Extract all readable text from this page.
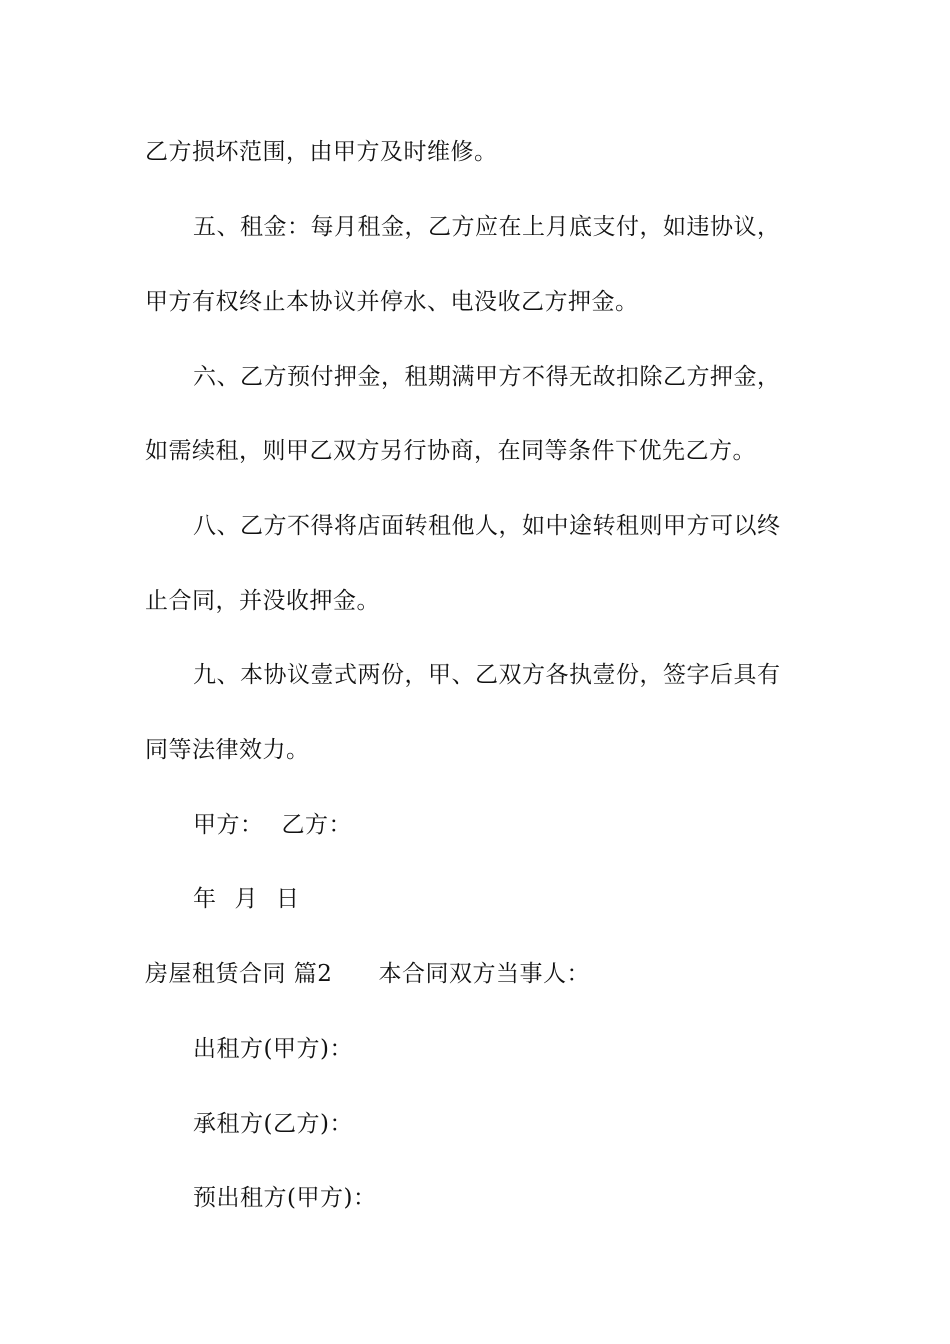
乙方损坏范围，由甲方及时维修。
五、租金：每月租金，乙方应在上月底支付，如违协议，
甲方有权终止本协议并停水、电没收乙方押金。
六、乙方预付押金，租期满甲方不得无故扣除乙方押金，
如需续租，则甲乙双方另行协商，在同等条件下优先乙方。
八、乙方不得将店面转租他人，如中途转租则甲方可以终
止合同，并没收押金。
九、本协议壹式两份，甲、乙双方各执壹份，签字后具有
同等法律效力。
甲方： 乙方：
年 月 日
房屋租赁合同 篇2 本合同双方当事人：
出租方(甲方)：
承租方(乙方)：
预出租方(甲方)：
